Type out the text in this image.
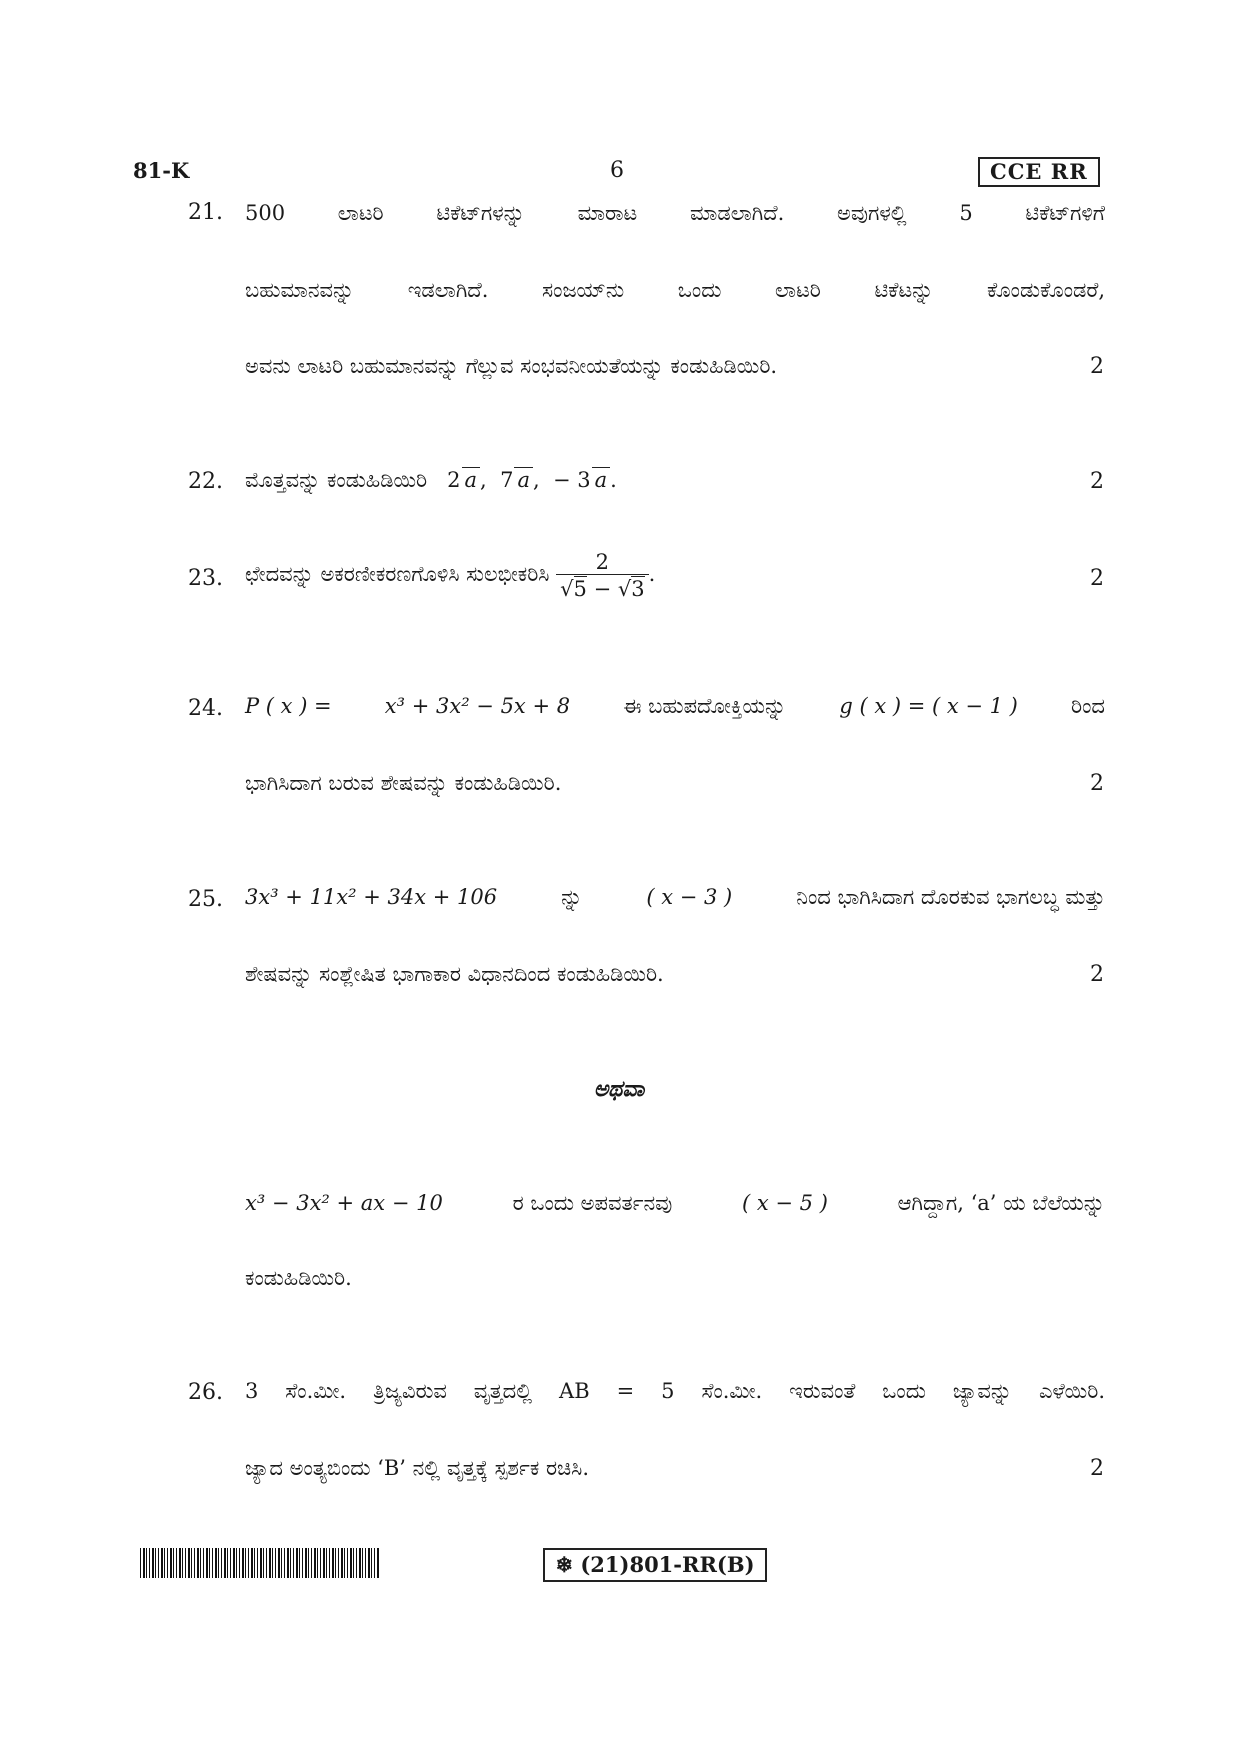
81-K	6	CCE RR
21. 500 ಲಾಟರಿ ಟಿಕೆಟ್‌ಗಳನ್ನು ಮಾರಾಟ ಮಾಡಲಾಗಿದೆ. ಅವುಗಳಲ್ಲಿ 5 ಟಿಕೆಟ್‌ಗಳಿಗೆ
ಬಹುಮಾನವನ್ನು ಇಡಲಾಗಿದೆ. ಸಂಜಯ್‌ನು ಒಂದು ಲಾಟರಿ ಟಿಕೆಟನ್ನು ಕೊಂಡುಕೊಂಡರೆ,
ಅವನು ಲಾಟರಿ ಬಹುಮಾನವನ್ನು ಗೆಲ್ಲುವ ಸಂಭವನೀಯತೆಯನ್ನು ಕಂಡುಹಿಡಿಯಿರಿ.	2
22. ಮೊತ್ತವನ್ನು ಕಂಡುಹಿಡಿಯಿರಿ 2 a ,  7 a ,  − 3 a .	2
23. ಛೇದವನ್ನು ಅಕರಣೀಕರಣಗೊಳಿಸಿ ಸುಲಭೀಕರಿಸಿ $\frac{2}{√5 - √3}$ .	2
24. P ( x ) =	x³ + 3x² − 5x + 8	ಈ ಬಹುಪದೋಕ್ತಿಯನ್ನು	g ( x ) = ( x − 1 )	ರಿಂದ
ಭಾಗಿಸಿದಾಗ ಬರುವ ಶೇಷವನ್ನು ಕಂಡುಹಿಡಿಯಿರಿ.	2
25. 3x³ + 11x² + 34x + 106	ನ್ನು	( x − 3 )	ನಿಂದ ಭಾಗಿಸಿದಾಗ ದೊರಕುವ ಭಾಗಲಬ್ಧ ಮತ್ತು
ಶೇಷವನ್ನು ಸಂಶ್ಲೇಷಿತ ಭಾಗಾಕಾರ ವಿಧಾನದಿಂದ ಕಂಡುಹಿಡಿಯಿರಿ.	2
ಅಥವಾ
x³ − 3x² + ax − 10	ರ ಒಂದು ಅಪವರ್ತನವು	( x − 5 )	ಆಗಿದ್ದಾಗ, ‘a’ ಯ ಬೆಲೆಯನ್ನು
ಕಂಡುಹಿಡಿಯಿರಿ.
26. 3 ಸೆಂ.ಮೀ. ತ್ರಿಜ್ಯವಿರುವ ವೃತ್ತದಲ್ಲಿ AB = 5 ಸೆಂ.ಮೀ. ಇರುವಂತೆ ಒಂದು ಜ್ಯಾವನ್ನು ಎಳೆಯಿರಿ.
ಜ್ಯಾದ ಅಂತ್ಯಬಿಂದು ‘B’ ನಲ್ಲಿ ವೃತ್ತಕ್ಕೆ ಸ್ಪರ್ಶಕ ರಚಿಸಿ.	2
❄ (21)801-RR(B)
